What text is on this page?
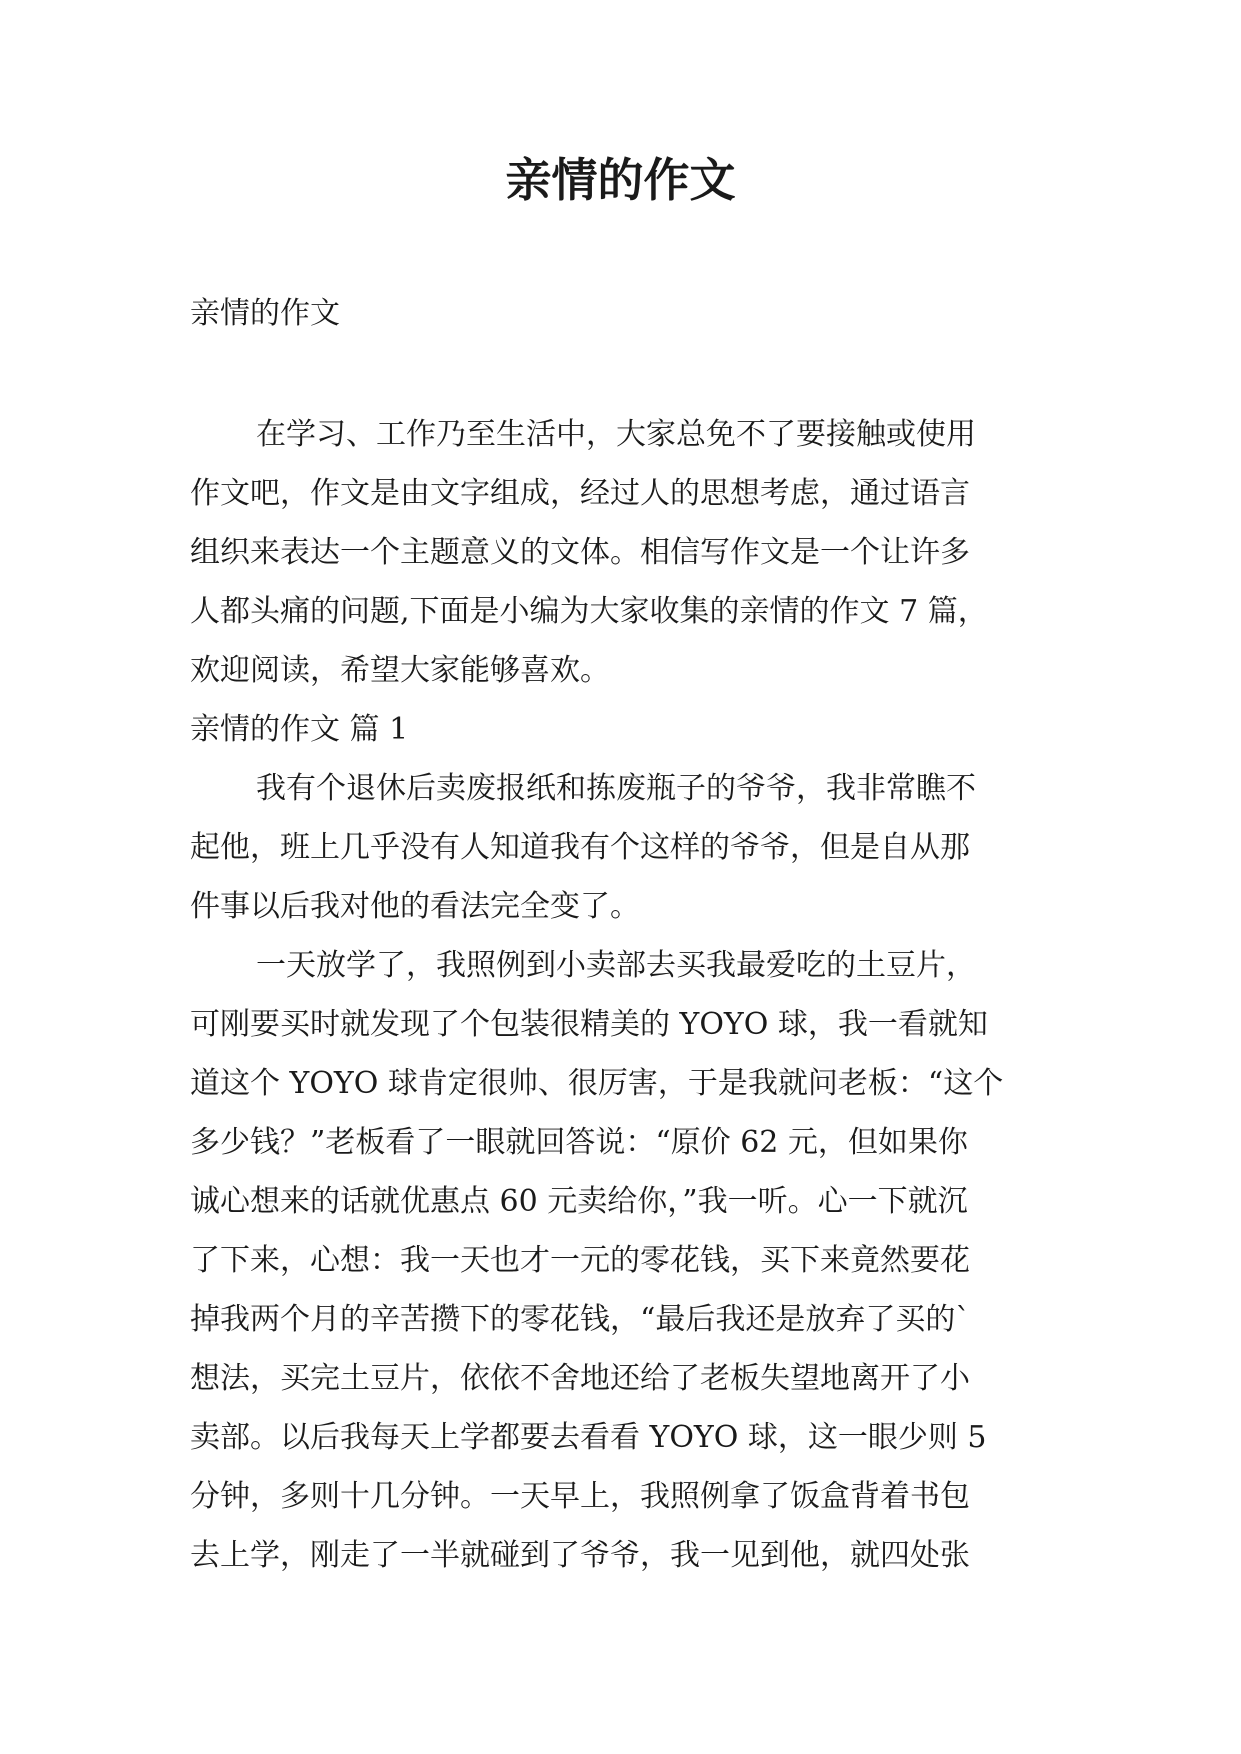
亲情的作文

亲情的作文

在学习、工作乃至生活中，大家总免不了要接触或使用
作文吧，作文是由文字组成，经过人的思想考虑，通过语言
组织来表达一个主题意义的文体。相信写作文是一个让许多
人都头痛的问题,下面是小编为大家收集的亲情的作文 7 篇，
欢迎阅读，希望大家能够喜欢。
亲情的作文 篇 1
我有个退休后卖废报纸和拣废瓶子的爷爷，我非常瞧不
起他，班上几乎没有人知道我有个这样的爷爷，但是自从那
件事以后我对他的看法完全变了。
一天放学了，我照例到小卖部去买我最爱吃的土豆片，
可刚要买时就发现了个包装很精美的 YOYO 球，我一看就知
道这个 YOYO 球肯定很帅、很厉害，于是我就问老板：“这个
多少钱？”老板看了一眼就回答说：“原价 62 元，但如果你
诚心想来的话就优惠点 60 元卖给你，”我一听。心一下就沉
了下来，心想：我一天也才一元的零花钱，买下来竟然要花
掉我两个月的辛苦攒下的零花钱，“最后我还是放弃了买的`
想法，买完土豆片，依依不舍地还给了老板失望地离开了小
卖部。以后我每天上学都要去看看 YOYO 球，这一眼少则 5
分钟，多则十几分钟。一天早上，我照例拿了饭盒背着书包
去上学，刚走了一半就碰到了爷爷，我一见到他，就四处张
